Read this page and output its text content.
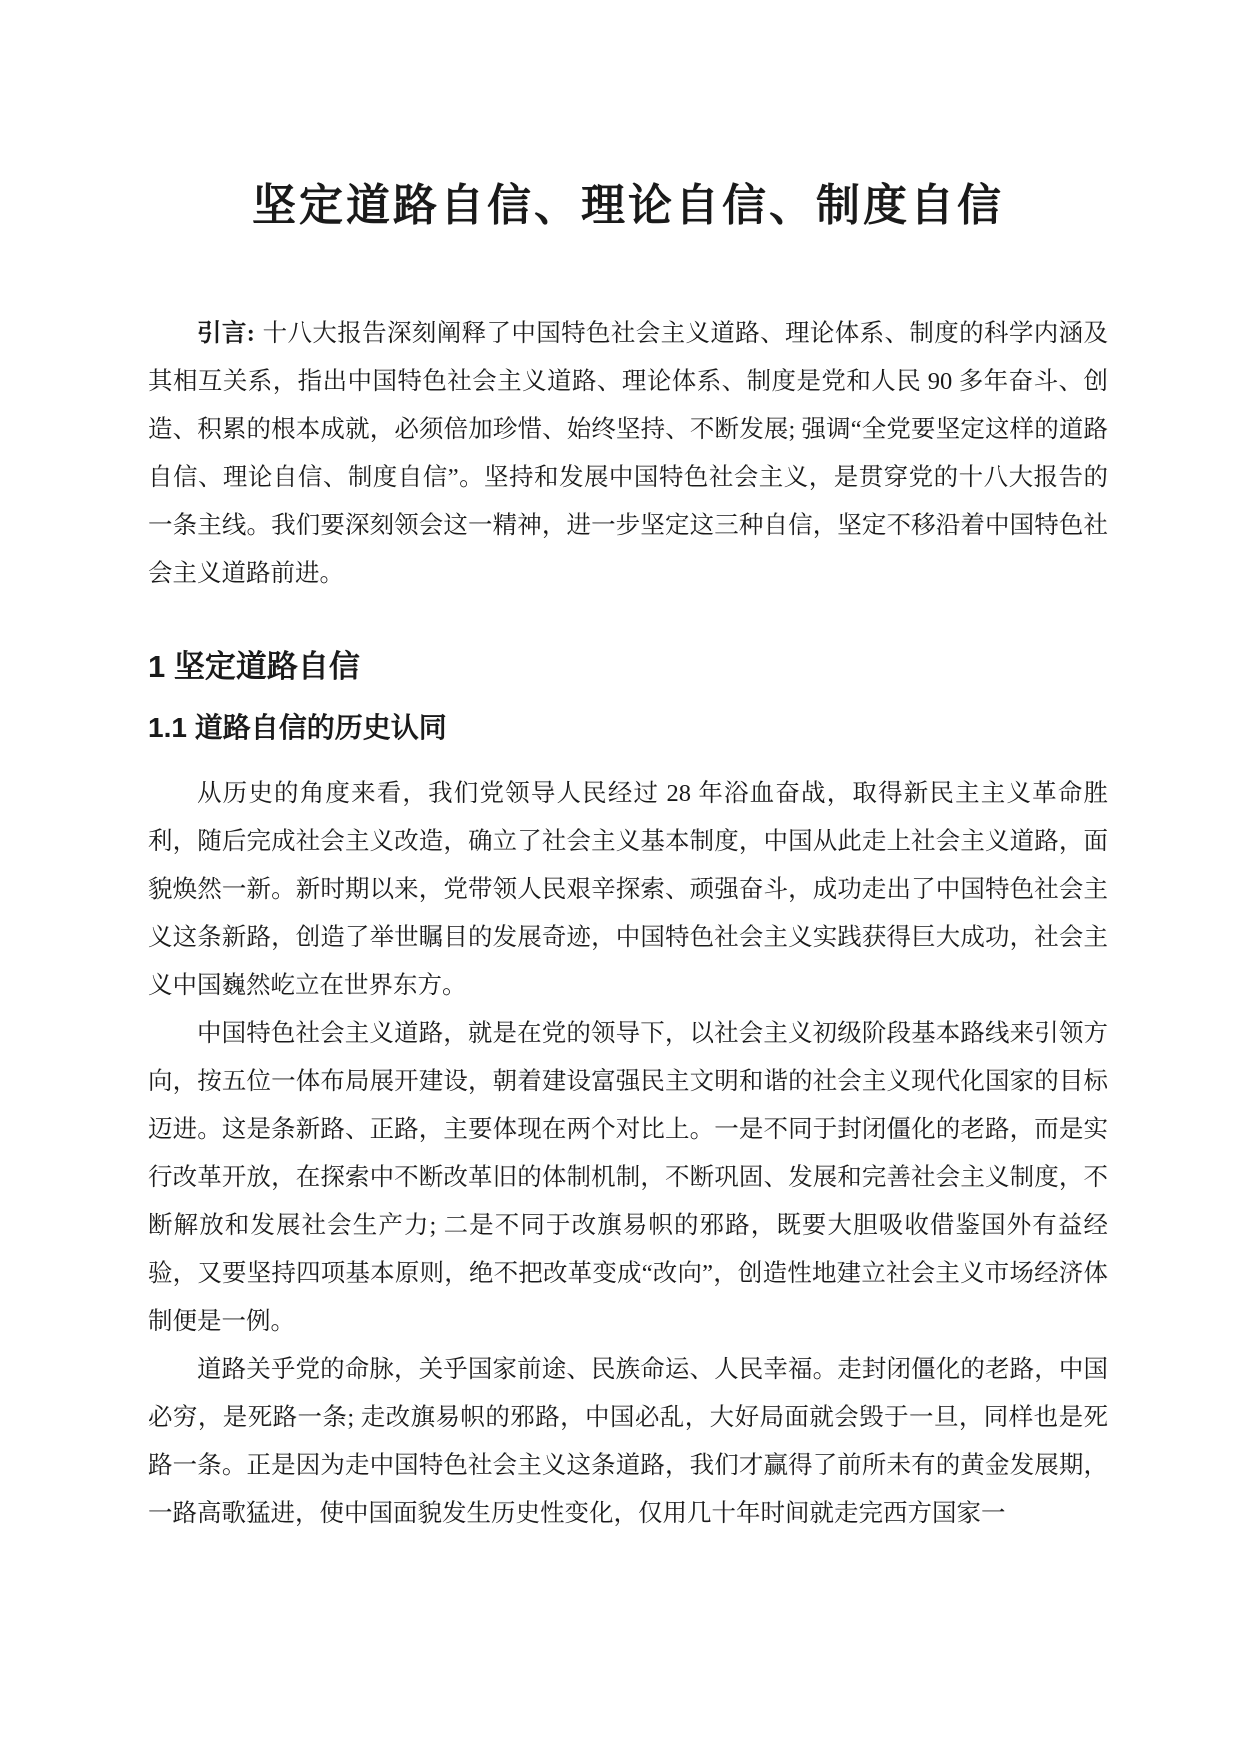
坚定道路自信、理论自信、制度自信

引言: 十八大报告深刻阐释了中国特色社会主义道路、理论体系、制度的科学内涵及其相互关系，指出中国特色社会主义道路、理论体系、制度是党和人民 90 多年奋斗、创造、积累的根本成就，必须倍加珍惜、始终坚持、不断发展; 强调“全党要坚定这样的道路自信、理论自信、制度自信”。坚持和发展中国特色社会主义，是贯穿党的十八大报告的一条主线。我们要深刻领会这一精神，进一步坚定这三种自信，坚定不移沿着中国特色社会主义道路前进。

1 坚定道路自信
1.1 道路自信的历史认同

从历史的角度来看，我们党领导人民经过 28 年浴血奋战，取得新民主主义革命胜利，随后完成社会主义改造，确立了社会主义基本制度，中国从此走上社会主义道路，面貌焕然一新。新时期以来，党带领人民艰辛探索、顽强奋斗，成功走出了中国特色社会主义这条新路，创造了举世瞩目的发展奇迹，中国特色社会主义实践获得巨大成功，社会主义中国巍然屹立在世界东方。

中国特色社会主义道路，就是在党的领导下，以社会主义初级阶段基本路线来引领方向，按五位一体布局展开建设，朝着建设富强民主文明和谐的社会主义现代化国家的目标迈进。这是条新路、正路，主要体现在两个对比上。一是不同于封闭僵化的老路，而是实行改革开放，在探索中不断改革旧的体制机制，不断巩固、发展和完善社会主义制度，不断解放和发展社会生产力; 二是不同于改旗易帜的邪路，既要大胆吸收借鉴国外有益经验，又要坚持四项基本原则，绝不把改革变成“改向”，创造性地建立社会主义市场经济体制便是一例。

道路关乎党的命脉，关乎国家前途、民族命运、人民幸福。走封闭僵化的老路，中国必穷，是死路一条; 走改旗易帜的邪路，中国必乱，大好局面就会毁于一旦，同样也是死路一条。正是因为走中国特色社会主义这条道路，我们才赢得了前所未有的黄金发展期，一路高歌猛进，使中国面貌发生历史性变化，仅用几十年时间就走完西方国家一
